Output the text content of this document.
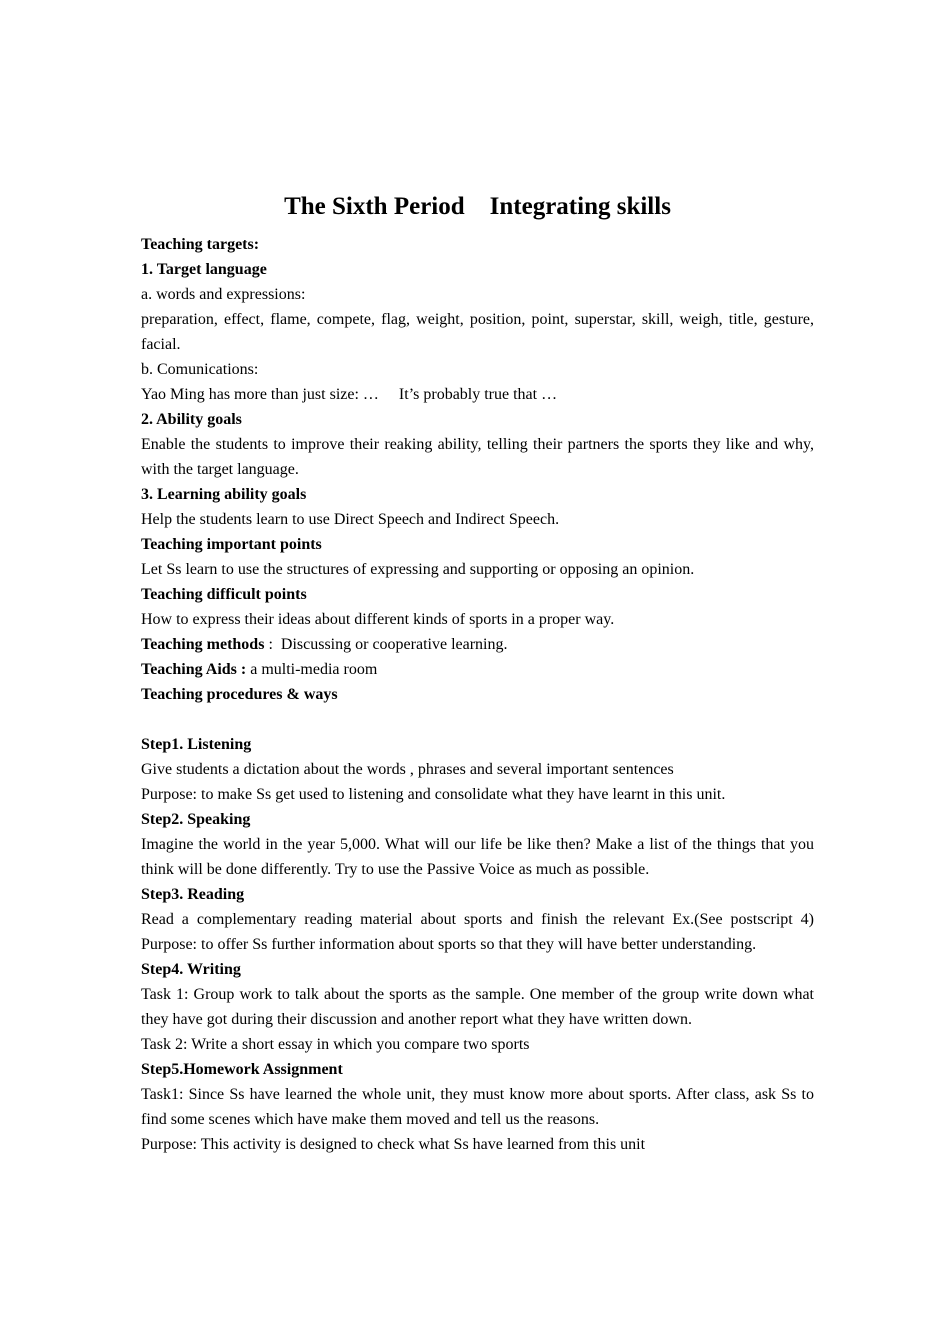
The Sixth Period    Integrating skills

Teaching targets:

1. Target language

a. words and expressions:

preparation, effect, flame, compete, flag, weight, position, point, superstar, skill, weigh, title, gesture, facial.

b. Comunications:

Yao Ming has more than just size: …     It’s probably true that …

2. Ability goals

Enable the students to improve their reaking ability, telling their partners the sports they like and why, with the target language.

3. Learning ability goals

Help the students learn to use Direct Speech and Indirect Speech.

Teaching important points

Let Ss learn to use the structures of expressing and supporting or opposing an opinion.

Teaching difficult points

How to express their ideas about different kinds of sports in a proper way.

Teaching methods :  Discussing or cooperative learning.

Teaching Aids : a multi-media room

Teaching procedures & ways

Step1. Listening

Give students a dictation about the words , phrases and several important sentences

Purpose: to make Ss get used to listening and consolidate what they have learnt in this unit.

Step2. Speaking

Imagine the world in the year 5,000. What will our life be like then? Make a list of the things that you think will be done differently. Try to use the Passive Voice as much as possible.

Step3. Reading

Read a complementary reading material about sports and finish the relevant Ex.(See postscript 4)

Purpose: to offer Ss further information about sports so that they will have better understanding.

Step4. Writing

Task 1: Group work to talk about the sports as the sample. One member of the group write down what they have got during their discussion and another report what they have written down.

Task 2: Write a short essay in which you compare two sports

Step5.Homework Assignment

Task1: Since Ss have learned the whole unit, they must know more about sports. After class, ask Ss to find some scenes which have make them moved and tell us the reasons.

Purpose: This activity is designed to check what Ss have learned from this unit
